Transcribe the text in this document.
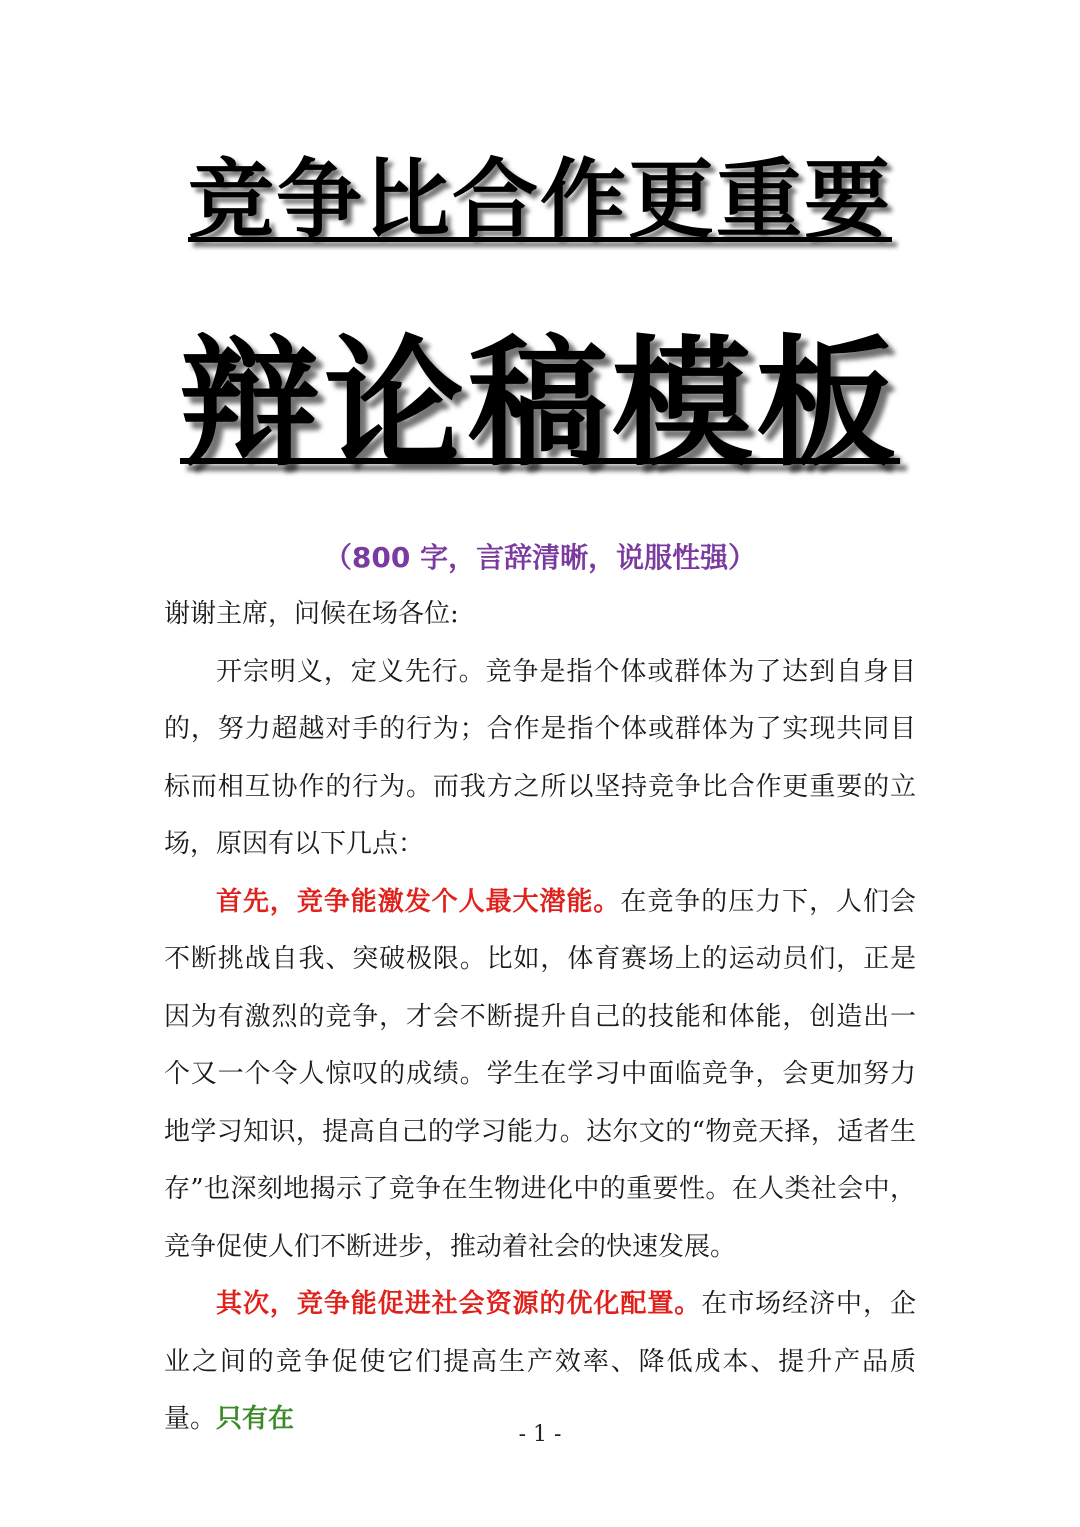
竞争比合作更重要
辩论稿模板
（800 字，言辞清晰，说服性强）

谢谢主席，问候在场各位:

开宗明义，定义先行。竞争是指个体或群体为了达到自身目的，努力超越对手的行为；合作是指个体或群体为了实现共同目标而相互协作的行为。而我方之所以坚持竞争比合作更重要的立场，原因有以下几点：

首先，竞争能激发个人最大潜能。在竞争的压力下，人们会不断挑战自我、突破极限。比如，体育赛场上的运动员们，正是因为有激烈的竞争，才会不断提升自己的技能和体能，创造出一个又一个令人惊叹的成绩。学生在学习中面临竞争，会更加努力地学习知识，提高自己的学习能力。达尔文的“物竞天择，适者生存”也深刻地揭示了竞争在生物进化中的重要性。在人类社会中，竞争促使人们不断进步，推动着社会的快速发展。

其次，竞争能促进社会资源的优化配置。在市场经济中，企业之间的竞争促使它们提高生产效率、降低成本、提升产品质量。只有在

- 1 -
